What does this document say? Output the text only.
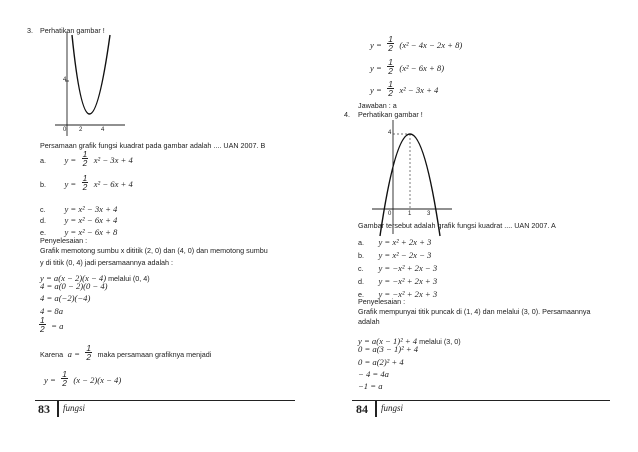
3. Perhatikan gambar !
4
0 2	4
Persamaan grafik fungsi kuadrat pada gambar adalah .... UAN 2007. B
a. $y = \frac{1}{2} x^2 - 3x + 4$
b. $y = \frac{1}{2} x^2 - 6x + 4$
c. y = x² − 3x + 4
d. y = x² − 6x + 4
e. y = x² − 6x + 8
Penyelesaian :
Grafik memotong sumbu x dititik (2, 0) dan (4, 0) dan memotong sumbu
y di titik (0, 4) jadi persamaannya adalah :
y = a(x − 2)(x − 4) melalui (0, 4)
4 = a(0 − 2)(0 − 4)
4 = a(−2)(−4)
4 = 8a
$\frac{1}{2} = a$
Karena $a = \frac{1}{2}$ maka persamaan grafiknya menjadi
$y = \frac{1}{2} (x - 2)(x - 4)$
83 fungsi
$y = \frac{1}{2} (x^2 - 4x - 2x + 8)$
$y = \frac{1}{2} (x^2 - 6x + 8)$
$y = \frac{1}{2} x^2 - 3x + 4$
Jawaban : a
4. Perhatikan gambar !
4
0	1	3
Gambar tersebut adalah grafik fungsi kuadrat .... UAN 2007. A
a. y = x² + 2x + 3
b. y = x² − 2x − 3
c. y = −x² + 2x − 3
d. y = −x² + 2x + 3
e. y = −x² + 2x + 3
Penyelesaian :
Grafik mempunyai titik puncak di (1, 4) dan melalui (3, 0). Persamaannya
adalah
y = a(x − 1)² + 4 melalui (3, 0)
0 = a(3 − 1)² + 4
0 = a(2)² + 4
− 4 = 4a
−1 = a
84 fungsi
